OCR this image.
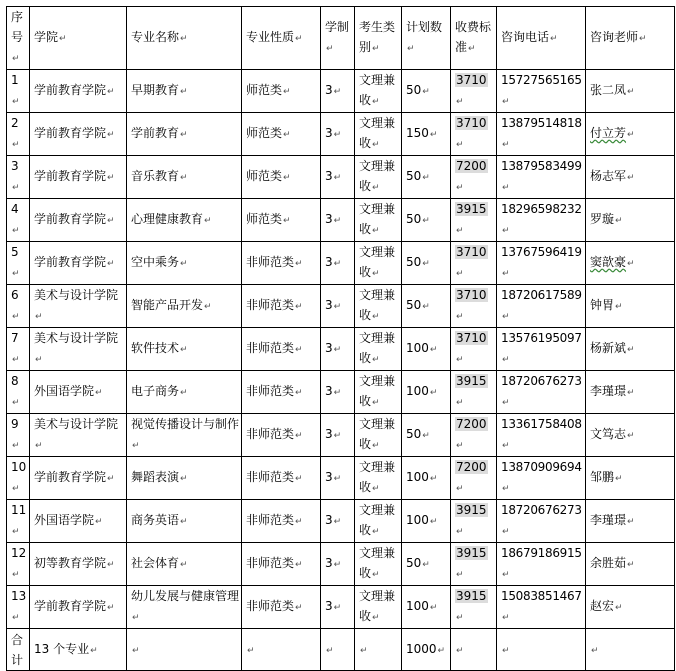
序号↵	学院↵	专业名称↵	专业性质↵	学制↵	考生类别↵	计划数↵	收费标准↵	咨询电话↵	咨询老师↵
1↵	学前教育学院↵	早期教育↵	师范类↵	3↵	文理兼收↵	50↵	3710↵	15727565165↵	张二凤↵
2↵	学前教育学院↵	学前教育↵	师范类↵	3↵	文理兼收↵	150↵	3710↵	13879514818↵	付立芳↵
3↵	学前教育学院↵	音乐教育↵	师范类↵	3↵	文理兼收↵	50↵	7200↵	13879583499↵	杨志军↵
4↵	学前教育学院↵	心理健康教育↵	师范类↵	3↵	文理兼收↵	50↵	3915↵	18296598232↵	罗璇↵
5↵	学前教育学院↵	空中乘务↵	非师范类↵	3↵	文理兼收↵	50↵	3710↵	13767596419↵	窦歆豪↵
6↵	美术与设计学院↵	智能产品开发↵	非师范类↵	3↵	文理兼收↵	50↵	3710↵	18720617589↵	钟胃↵
7↵	美术与设计学院↵	软件技术↵	非师范类↵	3↵	文理兼收↵	100↵	3710↵	13576195097↵	杨新斌↵
8↵	外国语学院↵	电子商务↵	非师范类↵	3↵	文理兼收↵	100↵	3915↵	18720676273↵	李瑾璟↵
9↵	美术与设计学院↵	视觉传播设计与制作↵	非师范类↵	3↵	文理兼收↵	50↵	7200↵	13361758408↵	文笃志↵
10↵	学前教育学院↵	舞蹈表演↵	非师范类↵	3↵	文理兼收↵	100↵	7200↵	13870909694↵	邹鹏↵
11↵	外国语学院↵	商务英语↵	非师范类↵	3↵	文理兼收↵	100↵	3915↵	18720676273↵	李瑾璟↵
12↵	初等教育学院↵	社会体育↵	非师范类↵	3↵	文理兼收↵	50↵	3915↵	18679186915↵	余胜茹↵
13↵	学前教育学院↵	幼儿发展与健康管理↵	非师范类↵	3↵	文理兼收↵	100↵	3915↵	15083851467↵	赵宏↵
合计	13 个专业↵	↵	↵	↵	↵	1000↵	↵	↵	↵
